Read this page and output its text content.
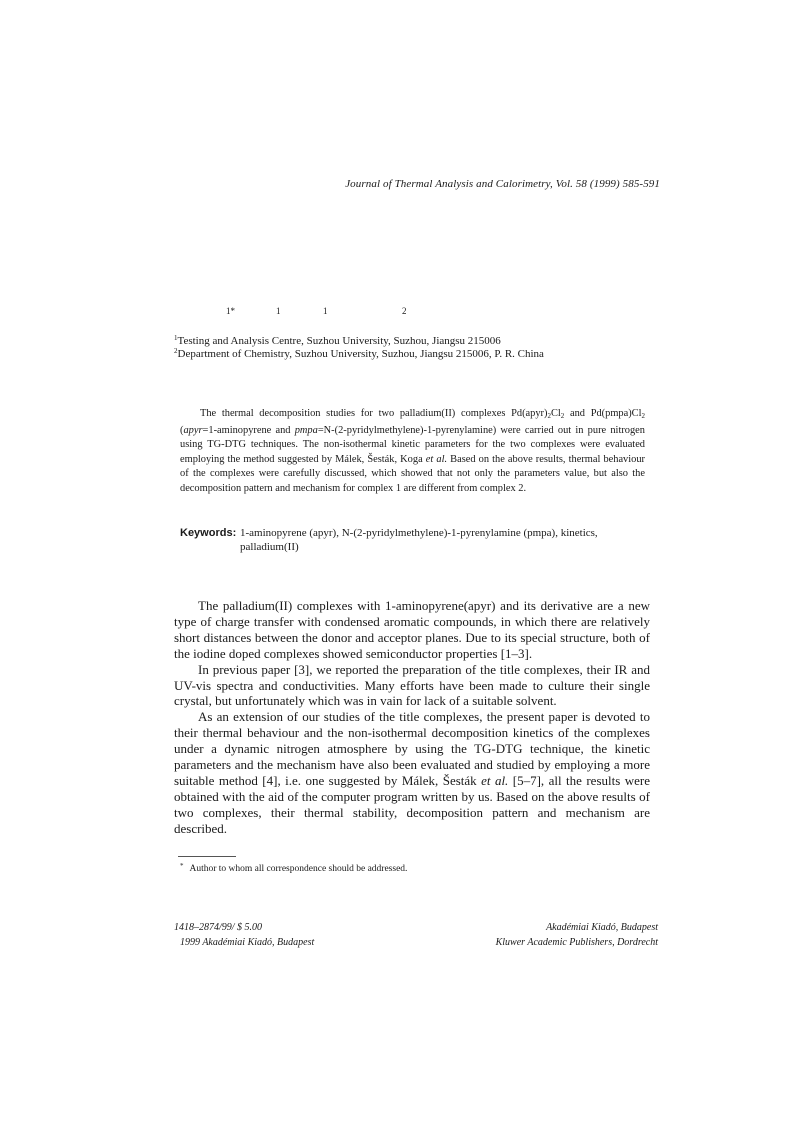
Journal of Thermal Analysis and Calorimetry, Vol. 58 (1999) 585-591
1*	1	1	2
$^1$Testing and Analysis Centre, Suzhou University, Suzhou, Jiangsu 215006
$^2$Department of Chemistry, Suzhou University, Suzhou, Jiangsu 215006, P. R. China

The thermal decomposition studies for two palladium(II) complexes $Pd(apyr)_2Cl_2$ and $Pd(pmpa)Cl_2$ (apyr=1-aminopyrene and pmpa=N-(2-pyridylmethylene)-1-pyrenylamine) were carried out in pure nitrogen using TG-DTG techniques. The non-isothermal kinetic parameters for the two complexes were evaluated employing the method suggested by Málek, Šesták, Koga et al. Based on the above results, thermal behaviour of the complexes were carefully discussed, which showed that not only the parameters value, but also the decomposition pattern and mechanism for complex 1 are different from complex 2.

Keywords: 1-aminopyrene (apyr), N-(2-pyridylmethylene)-1-pyrenylamine (pmpa), kinetics, palladium(II)

The palladium(II) complexes with 1-aminopyrene(apyr) and its derivative are a new type of charge transfer with condensed aromatic compounds, in which there are relatively short distances between the donor and acceptor planes. Due to its special structure, both of the iodine doped complexes showed semiconductor properties [1–3].

In previous paper [3], we reported the preparation of the title complexes, their IR and UV-vis spectra and conductivities. Many efforts have been made to culture their single crystal, but unfortunately which was in vain for lack of a suitable solvent.

As an extension of our studies of the title complexes, the present paper is devoted to their thermal behaviour and the non-isothermal decomposition kinetics of the complexes under a dynamic nitrogen atmosphere by using the TG-DTG technique, the kinetic parameters and the mechanism have also been evaluated and studied by employing a more suitable method [4], i.e. one suggested by Málek, Šesták et al. [5–7], all the results were obtained with the aid of the computer program written by us. Based on the above results of two complexes, their thermal stability, decomposition pattern and mechanism are described.

* Author to whom all correspondence should be addressed.
1418–2874/99/ $ 5.00
1999 Akadémiai Kiadó, Budapest
Akadémiai Kiadó, Budapest
Kluwer Academic Publishers, Dordrecht
